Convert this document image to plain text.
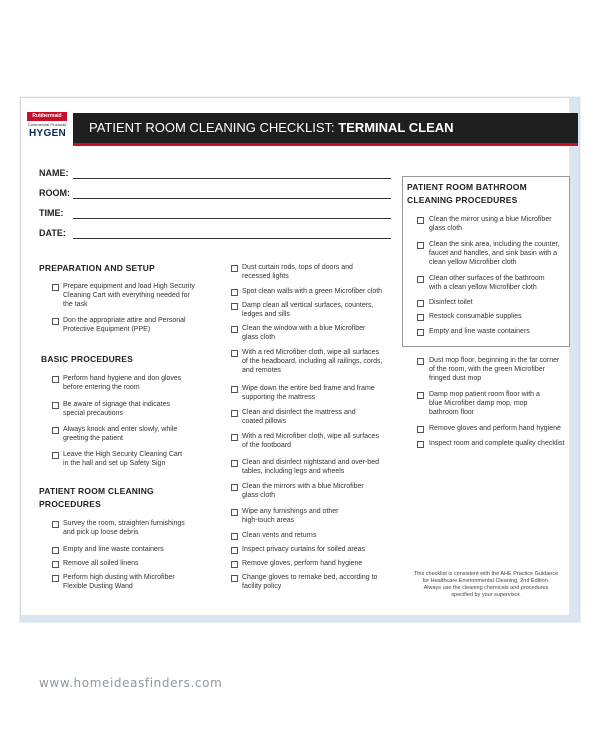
Rubbermaid
Commercial Products
HYGEN PATIENT ROOM CLEANING CHECKLIST: TERMINAL CLEAN
NAME:
ROOM:
TIME:
DATE:
PREPARATION AND SETUP
Prepare equipment and load High Security
Cleaning Cart with everything needed for
the task
Don the appropriate attire and Personal
Protective Equipment (PPE)
BASIC PROCEDURES
Perform hand hygiene and don gloves
before entering the room
Be aware of signage that indicates
special precautions
Always knock and enter slowly, while
greeting the patient
Leave the High Security Cleaning Cart
in the hall and set up Safety Sign
PATIENT ROOM CLEANING
PROCEDURES
Survey the room, straighten furnishings
and pick up loose debris
Empty and line waste containers
Remove all soiled linens
Perform high dusting with Microfiber
Flexible Dusting Wand
Dust curtain rods, tops of doors and
recessed lights
Spot clean walls with a green Microfiber cloth
Damp clean all vertical surfaces, counters,
ledges and sills
Clean the window with a blue Microfiber
glass cloth
With a red Microfiber cloth, wipe all surfaces
of the headboard, including all railings, cords,
and remotes
Wipe down the entire bed frame and frame
supporting the mattress
Clean and disinfect the mattress and
coated pillows
With a red Microfiber cloth, wipe all surfaces
of the footboard
Clean and disinfect nightstand and over-bed
tables, including legs and wheels
Clean the mirrors with a blue Microfiber
glass cloth
Wipe any furnishings and other
high-touch areas
Clean vents and returns
Inspect privacy curtains for soiled areas
Remove gloves, perform hand hygiene
Change gloves to remake bed, according to
facility policy
PATIENT ROOM BATHROOM
CLEANING PROCEDURES
Clean the mirror using a blue Microfiber
glass cloth
Clean the sink area, including the counter,
faucet and handles, and sink basin with a
clean yellow Microfiber cloth
Clean other surfaces of the bathroom
with a clean yellow Microfiber cloth
Disinfect toilet
Restock consumable supplies
Empty and line waste containers
Dust mop floor, beginning in the far corner
of the room, with the green Microfiber
fringed dust mop
Damp mop patient room floor with a
blue Microfiber damp mop, mop
bathroom floor
Remove gloves and perform hand hygiene
Inspect room and complete quality checklist
This checklist is consistent with the AHE Practice Guidance
for Healthcare Environmental Cleaning, 2nd Edition.
Always use the cleaning chemicals and procedures
specified by your supervisor.
www.homeideasfinders.com
